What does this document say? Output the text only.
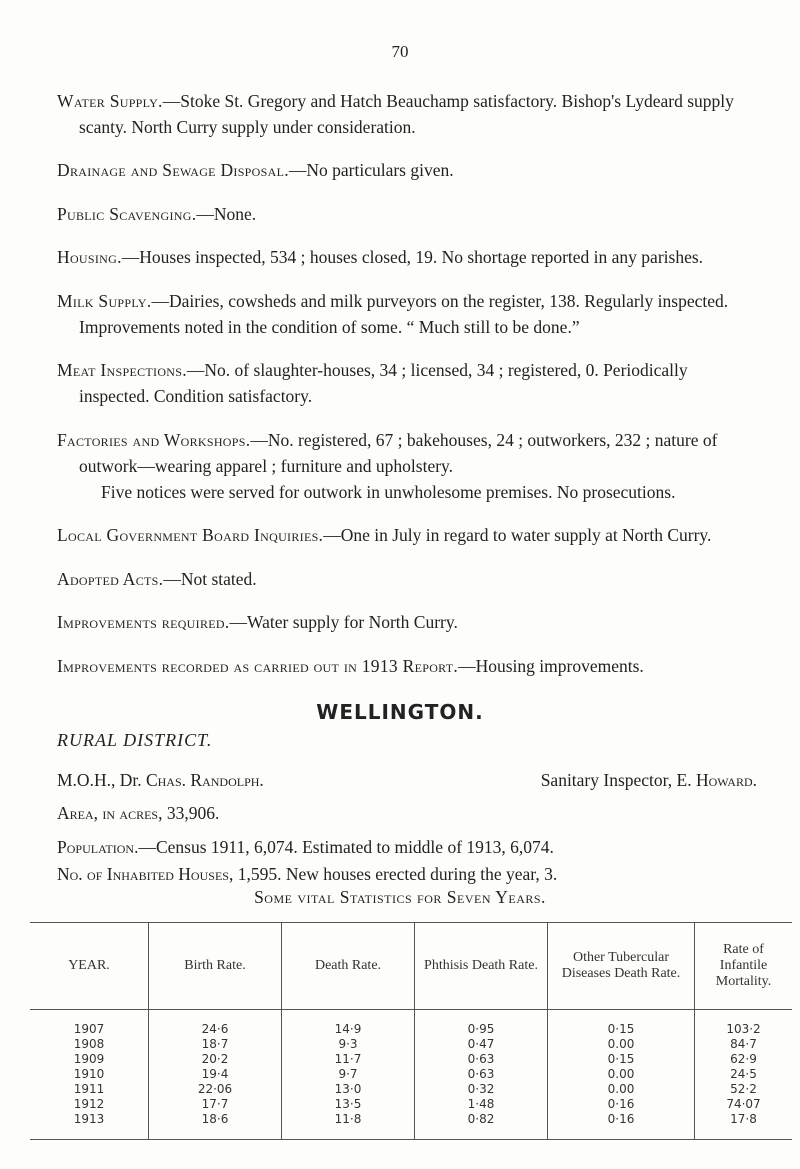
70

Water Supply.—Stoke St. Gregory and Hatch Beauchamp satisfactory. Bishop's Lydeard supply scanty. North Curry supply under consideration.

Drainage and Sewage Disposal.—No particulars given.

Public Scavenging.—None.

Housing.—Houses inspected, 534 ; houses closed, 19. No shortage reported in any parishes.

Milk Supply.—Dairies, cowsheds and milk purveyors on the register, 138. Regularly inspected. Improvements noted in the condition of some. “ Much still to be done.”

Meat Inspections.—No. of slaughter-houses, 34 ; licensed, 34 ; registered, 0. Periodically inspected. Condition satisfactory.

Factories and Workshops.—No. registered, 67 ; bakehouses, 24 ; outworkers, 232 ; nature of outwork—wearing apparel ; furniture and upholstery.
Five notices were served for outwork in unwholesome premises. No prosecutions.

Local Government Board Inquiries.—One in July in regard to water supply at North Curry.

Adopted Acts.—Not stated.

Improvements required.—Water supply for North Curry.

Improvements recorded as carried out in 1913 Report.—Housing improvements.

WELLINGTON.
RURAL DISTRICT.
M.O.H., Dr. Chas. Randolph.	Sanitary Inspector, E. Howard.
Area, in acres, 33,906.
Population.—Census 1911, 6,074. Estimated to middle of 1913, 6,074.
No. of Inhabited Houses, 1,595. New houses erected during the year, 3.
Some vital Statistics for Seven Years.
YEAR.	Birth Rate.	Death Rate.	Phthisis Death Rate.	Other Tubercular Diseases Death Rate.	Rate of Infantile Mortality.
1907	24·6	14·9	0·95	0·15	103·2
1908	18·7	9·3	0·47	0.00	84·7
1909	20·2	11·7	0·63	0·15	62·9
1910	19·4	9·7	0·63	0.00	24·5
1911	22·06	13·0	0·32	0.00	52·2
1912	17·7	13·5	1·48	0·16	74·07
1913	18·6	11·8	0·82	0·16	17·8
